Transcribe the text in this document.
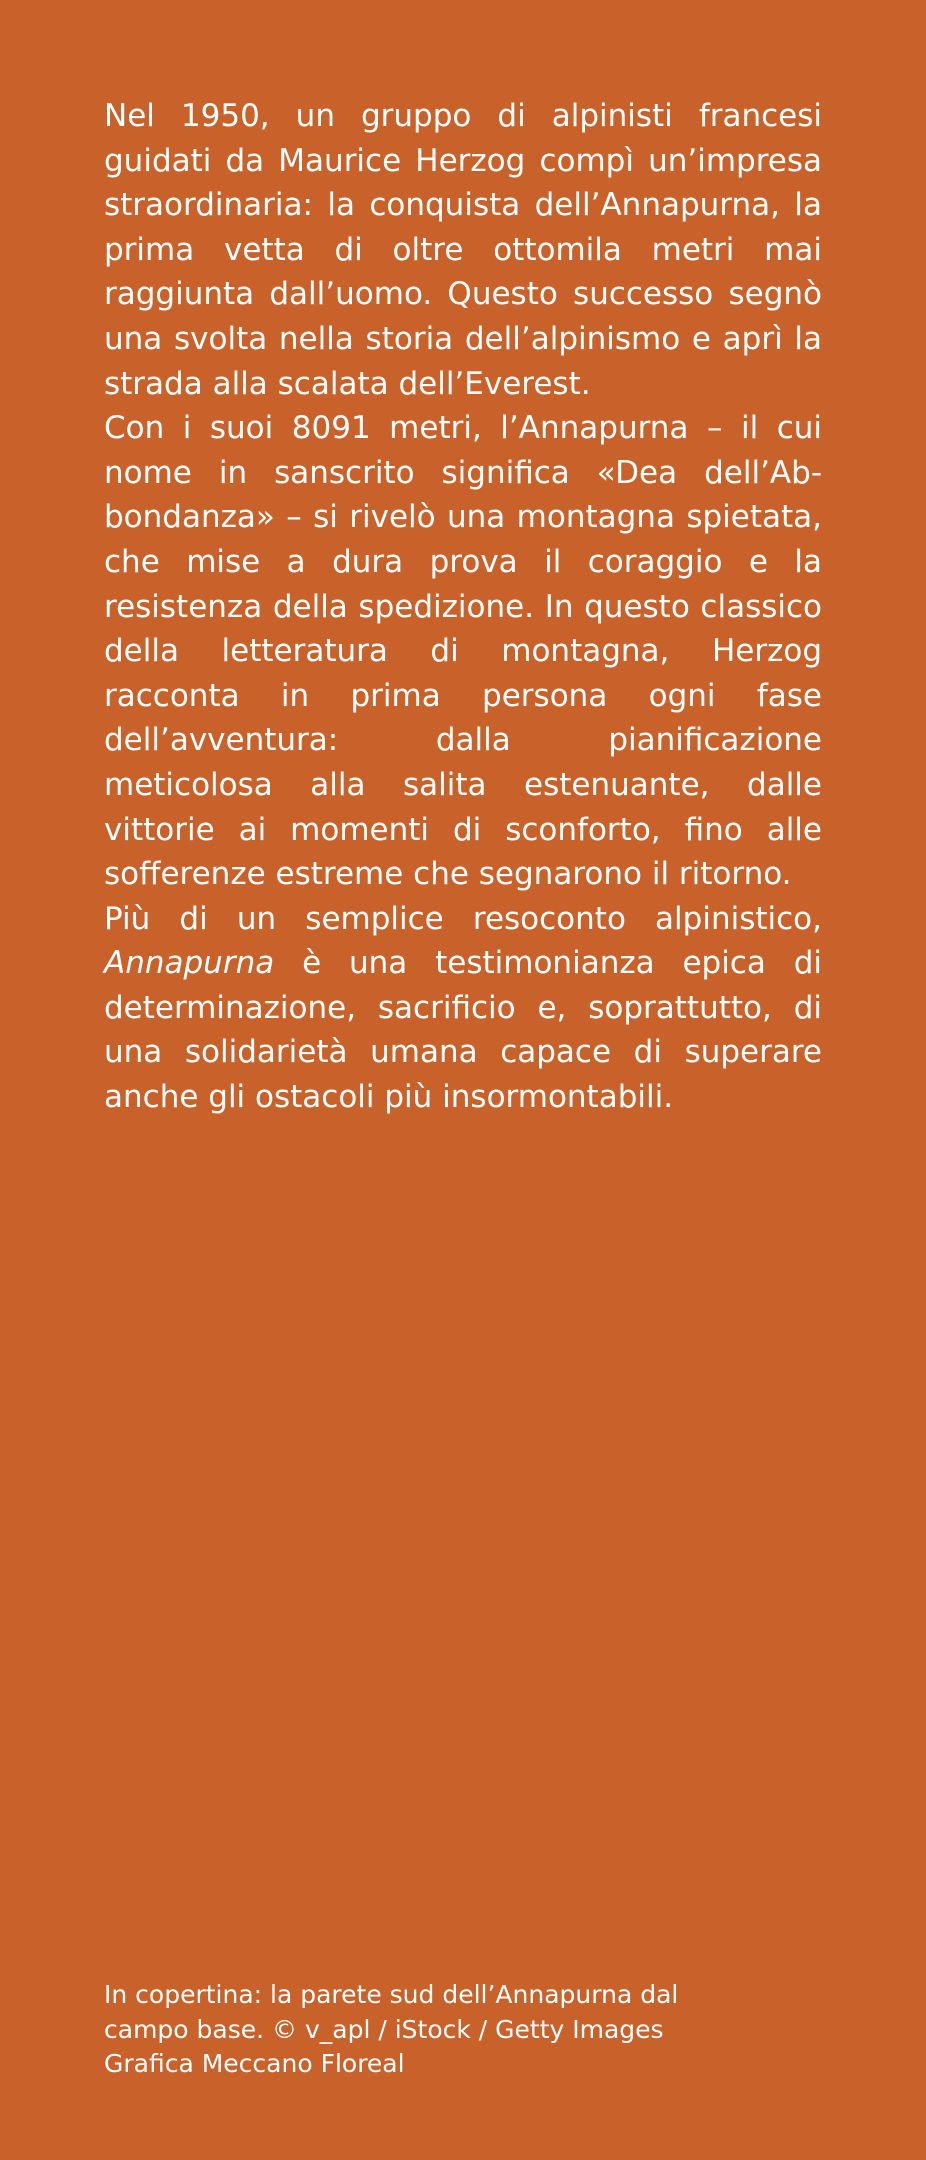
Nel 1950, un gruppo di alpinisti francesi guidati da Maurice Herzog compì un’impresa straordinaria: la conquista dell’Annapurna, la prima vetta di oltre ottomila metri mai raggiunta dall’uomo. Questo successo segnò una svolta nella storia dell’alpinismo e aprì la strada alla scalata dell’Everest.

Con i suoi 8091 metri, l’Annapurna – il cui nome in sanscrito significa «Dea dell’Abbondanza» – si rivelò una montagna spietata, che mise a dura prova il coraggio e la resistenza della spedizione. In questo classico della letteratura di montagna, Herzog racconta in prima persona ogni fase dell’avventura: dalla pianificazione meticolosa alla salita estenuante, dalle vittorie ai momenti di sconforto, fino alle sofferenze estreme che segnarono il ritorno.

Più di un semplice resoconto alpinistico, Annapurna è una testimonianza epica di determinazione, sacrificio e, soprattutto, di una solidarietà umana capace di superare anche gli ostacoli più insormontabili.

In copertina: la parete sud dell’Annapurna dal
campo base. © v_apl / iStock / Getty Images
Grafica Meccano Floreal
